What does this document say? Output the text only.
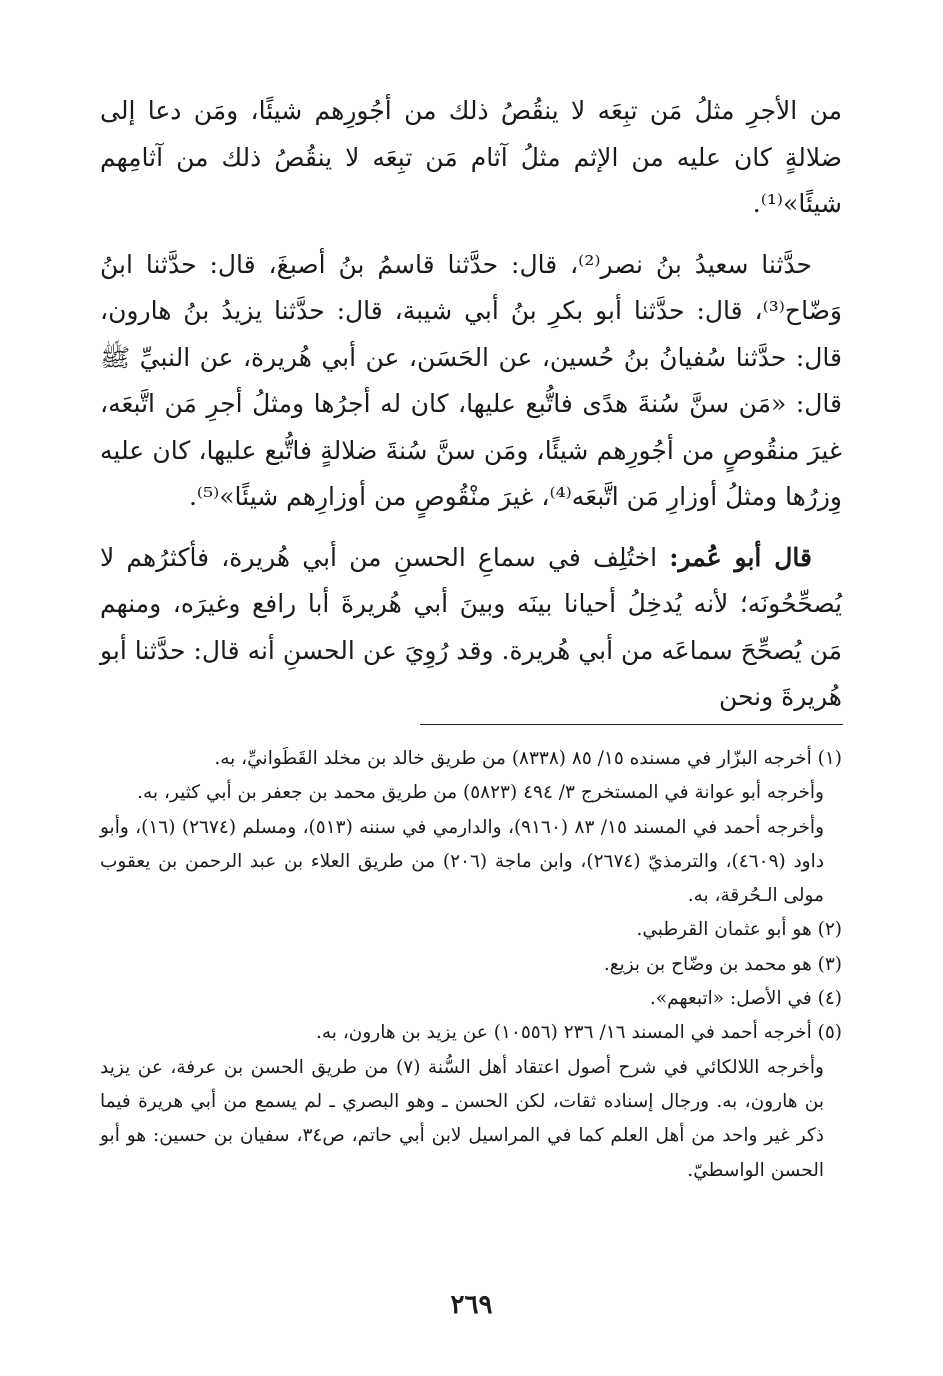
من الأجرِ مثلُ مَن تبِعَه لا ينقُصُ ذلك من أجُورِهم شيئًا، ومَن دعا إلى ضلالةٍ كان عليه من الإثم مثلُ آثام مَن تبِعَه لا ينقُصُ ذلك من آثامِهم شيئًا»⁽¹⁾.

حدَّثنا سعيدُ بنُ نصر⁽²⁾، قال: حدَّثنا قاسمُ بنُ أصبغَ، قال: حدَّثنا ابنُ وَضّاح⁽³⁾، قال: حدَّثنا أبو بكرِ بنُ أبي شيبة، قال: حدَّثنا يزيدُ بنُ هارون، قال: حدَّثنا سُفيانُ بنُ حُسين، عن الحَسَن، عن أبي هُريرة، عن النبيِّ ﷺ قال: «مَن سنَّ سُنةَ هدًى فاتُّبع عليها، كان له أجرُها ومثلُ أجرِ مَن اتَّبعَه، غيرَ منقُوصٍ من أجُورِهم شيئًا، ومَن سنَّ سُنةَ ضلالةٍ فاتُّبع عليها، كان عليه وِزرُها ومثلُ أوزارِ مَن اتَّبعَه⁽⁴⁾، غيرَ منْقُوصٍ من أوزارِهم شيئًا»⁽⁵⁾.

قال أبو عُمر: اختُلِف في سماعِ الحسنِ من أبي هُريرة، فأكثرُهم لا يُصحِّحُونَه؛ لأنه يُدخِلُ أحيانا بينَه وبينَ أبي هُريرةَ أبا رافع وغيرَه، ومنهم مَن يُصحِّحَ سماعَه من أبي هُريرة. وقد رُوِيَ عن الحسنِ أنه قال: حدَّثنا أبو هُريرةَ ونحن

(١) أخرجه البزّار في مسنده ١٥/ ٨٥ (٨٣٣٨) من طريق خالد بن مخلد القَطَوانيِّ، به.

وأخرجه أبو عوانة في المستخرج ٣/ ٤٩٤ (٥٨٢٣) من طريق محمد بن جعفر بن أبي كثير، به.

وأخرجه أحمد في المسند ١٥/ ٨٣ (٩١٦٠)، والدارمي في سننه (٥١٣)، ومسلم (٢٦٧٤) (١٦)، وأبو داود (٤٦٠٩)، والترمذيّ (٢٦٧٤)، وابن ماجة (٢٠٦) من طريق العلاء بن عبد الرحمن بن يعقوب مولى الـحُرقة، به.

(٢) هو أبو عثمان القرطبي.

(٣) هو محمد بن وضّاح بن بزيع.

(٤) في الأصل: «اتبعهم».

(٥) أخرجه أحمد في المسند ١٦/ ٢٣٦ (١٠٥٥٦) عن يزيد بن هارون، به.

وأخرجه اللالكائي في شرح أصول اعتقاد أهل السُّنة (٧) من طريق الحسن بن عرفة، عن يزيد بن هارون، به. ورجال إسناده ثقات، لكن الحسن ـ وهو البصري ـ لم يسمع من أبي هريرة فيما ذكر غير واحد من أهل العلم كما في المراسيل لابن أبي حاتم، ص٣٤، سفيان بن حسين: هو أبو الحسن الواسطيّ.

٢٦٩
